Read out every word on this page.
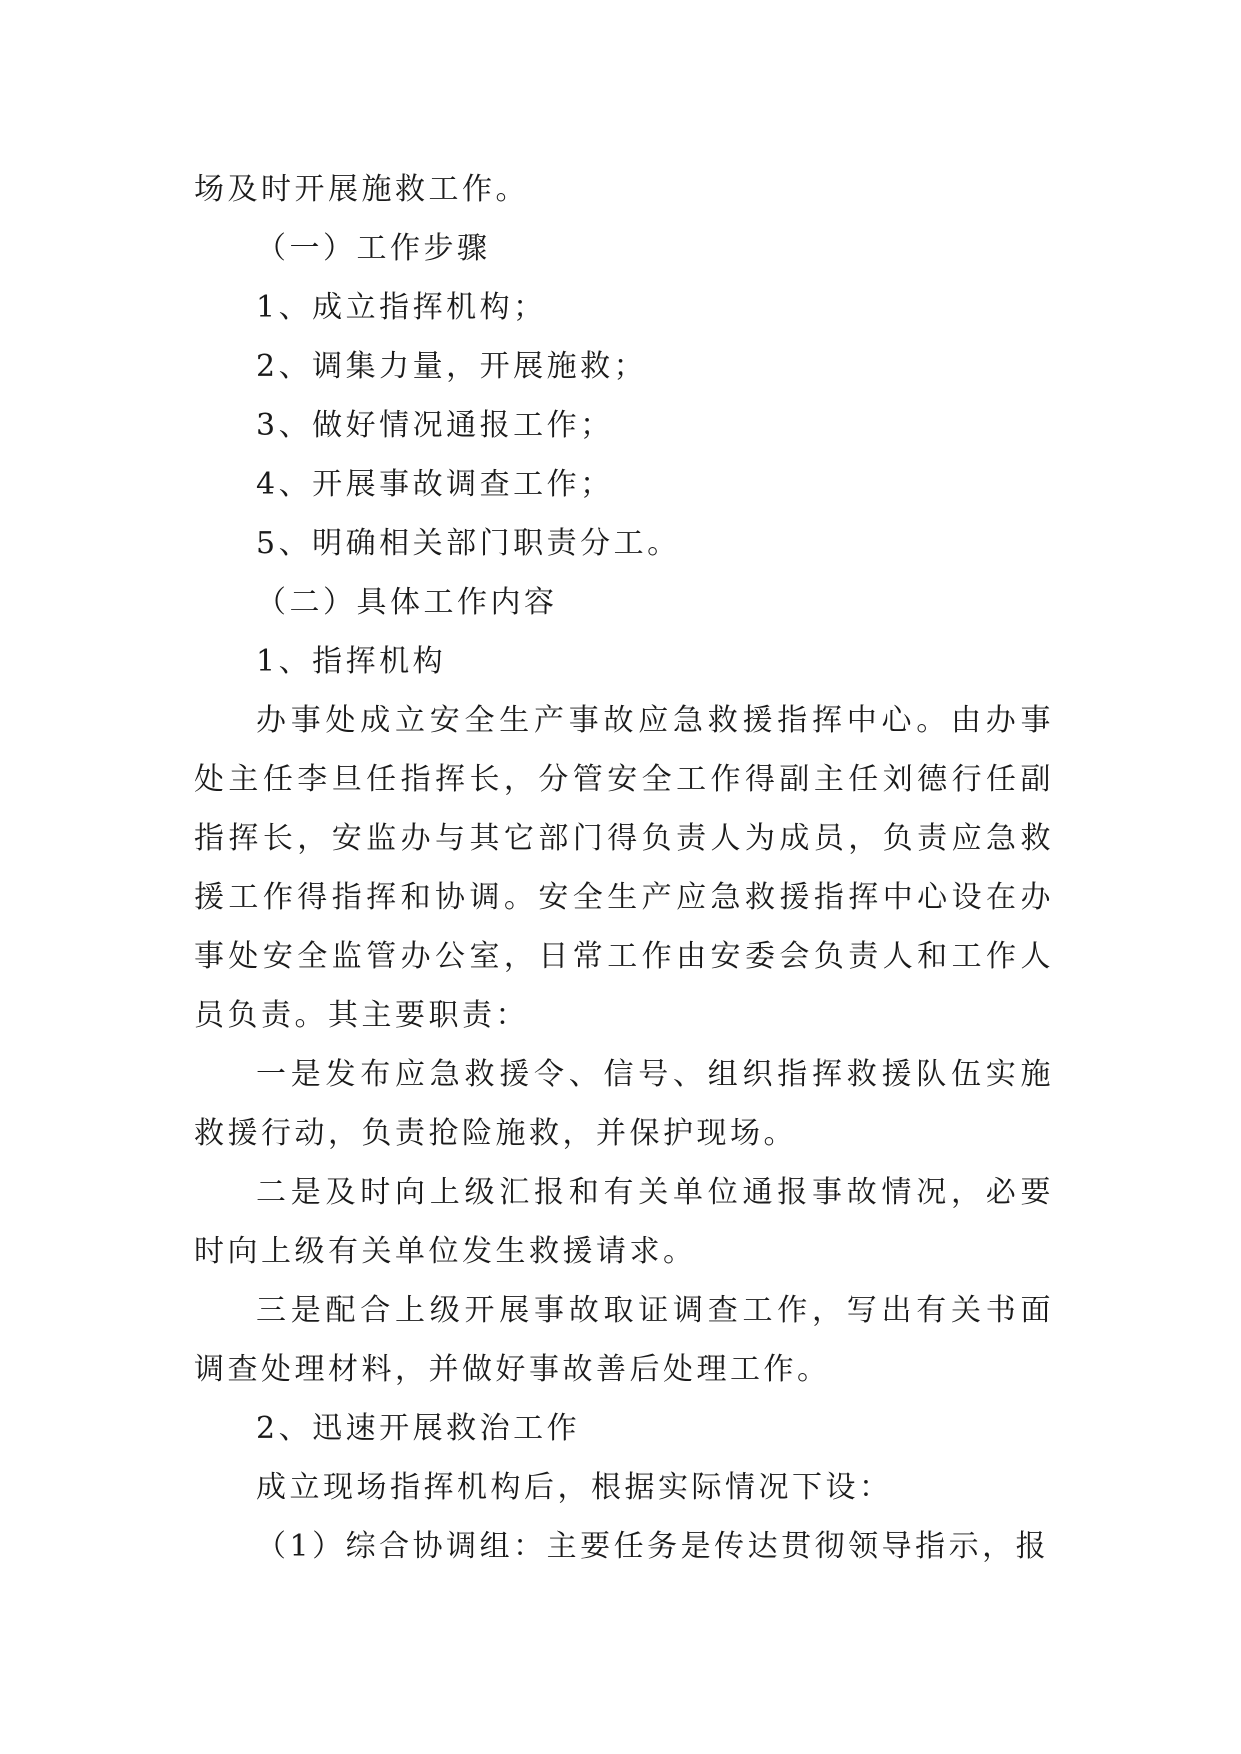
场及时开展施救工作。

（一）工作步骤

1、成立指挥机构；

2、调集力量，开展施救；

3、做好情况通报工作；

4、开展事故调查工作；

5、明确相关部门职责分工。

（二）具体工作内容

1、指挥机构

办事处成立安全生产事故应急救援指挥中心。由办事处主任李旦任指挥长，分管安全工作得副主任刘德行任副指挥长，安监办与其它部门得负责人为成员，负责应急救援工作得指挥和协调。安全生产应急救援指挥中心设在办事处安全监管办公室，日常工作由安委会负责人和工作人员负责。其主要职责：

一是发布应急救援令、信号、组织指挥救援队伍实施救援行动，负责抢险施救，并保护现场。

二是及时向上级汇报和有关单位通报事故情况，必要时向上级有关单位发生救援请求。

三是配合上级开展事故取证调查工作，写出有关书面调查处理材料，并做好事故善后处理工作。

2、迅速开展救治工作

成立现场指挥机构后，根据实际情况下设：

（1）综合协调组：主要任务是传达贯彻领导指示，报
